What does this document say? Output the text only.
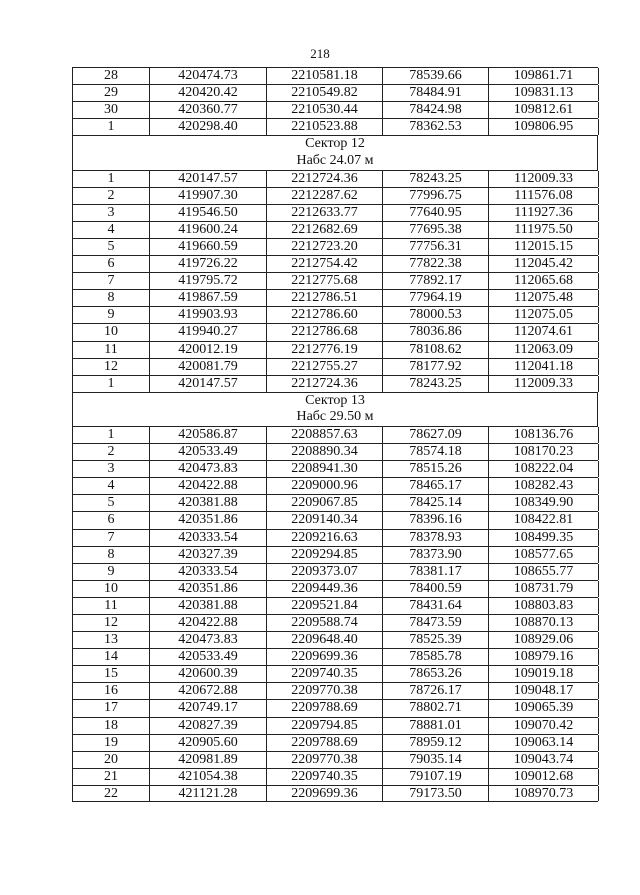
218
28	420474.73	2210581.18	78539.66	109861.71
29	420420.42	2210549.82	78484.91	109831.13
30	420360.77	2210530.44	78424.98	109812.61
1	420298.40	2210523.88	78362.53	109806.95
Сектор 12
Набс 24.07 м
1	420147.57	2212724.36	78243.25	112009.33
2	419907.30	2212287.62	77996.75	111576.08
3	419546.50	2212633.77	77640.95	111927.36
4	419600.24	2212682.69	77695.38	111975.50
5	419660.59	2212723.20	77756.31	112015.15
6	419726.22	2212754.42	77822.38	112045.42
7	419795.72	2212775.68	77892.17	112065.68
8	419867.59	2212786.51	77964.19	112075.48
9	419903.93	2212786.60	78000.53	112075.05
10	419940.27	2212786.68	78036.86	112074.61
11	420012.19	2212776.19	78108.62	112063.09
12	420081.79	2212755.27	78177.92	112041.18
1	420147.57	2212724.36	78243.25	112009.33
Сектор 13
Набс 29.50 м
1	420586.87	2208857.63	78627.09	108136.76
2	420533.49	2208890.34	78574.18	108170.23
3	420473.83	2208941.30	78515.26	108222.04
4	420422.88	2209000.96	78465.17	108282.43
5	420381.88	2209067.85	78425.14	108349.90
6	420351.86	2209140.34	78396.16	108422.81
7	420333.54	2209216.63	78378.93	108499.35
8	420327.39	2209294.85	78373.90	108577.65
9	420333.54	2209373.07	78381.17	108655.77
10	420351.86	2209449.36	78400.59	108731.79
11	420381.88	2209521.84	78431.64	108803.83
12	420422.88	2209588.74	78473.59	108870.13
13	420473.83	2209648.40	78525.39	108929.06
14	420533.49	2209699.36	78585.78	108979.16
15	420600.39	2209740.35	78653.26	109019.18
16	420672.88	2209770.38	78726.17	109048.17
17	420749.17	2209788.69	78802.71	109065.39
18	420827.39	2209794.85	78881.01	109070.42
19	420905.60	2209788.69	78959.12	109063.14
20	420981.89	2209770.38	79035.14	109043.74
21	421054.38	2209740.35	79107.19	109012.68
22	421121.28	2209699.36	79173.50	108970.73
